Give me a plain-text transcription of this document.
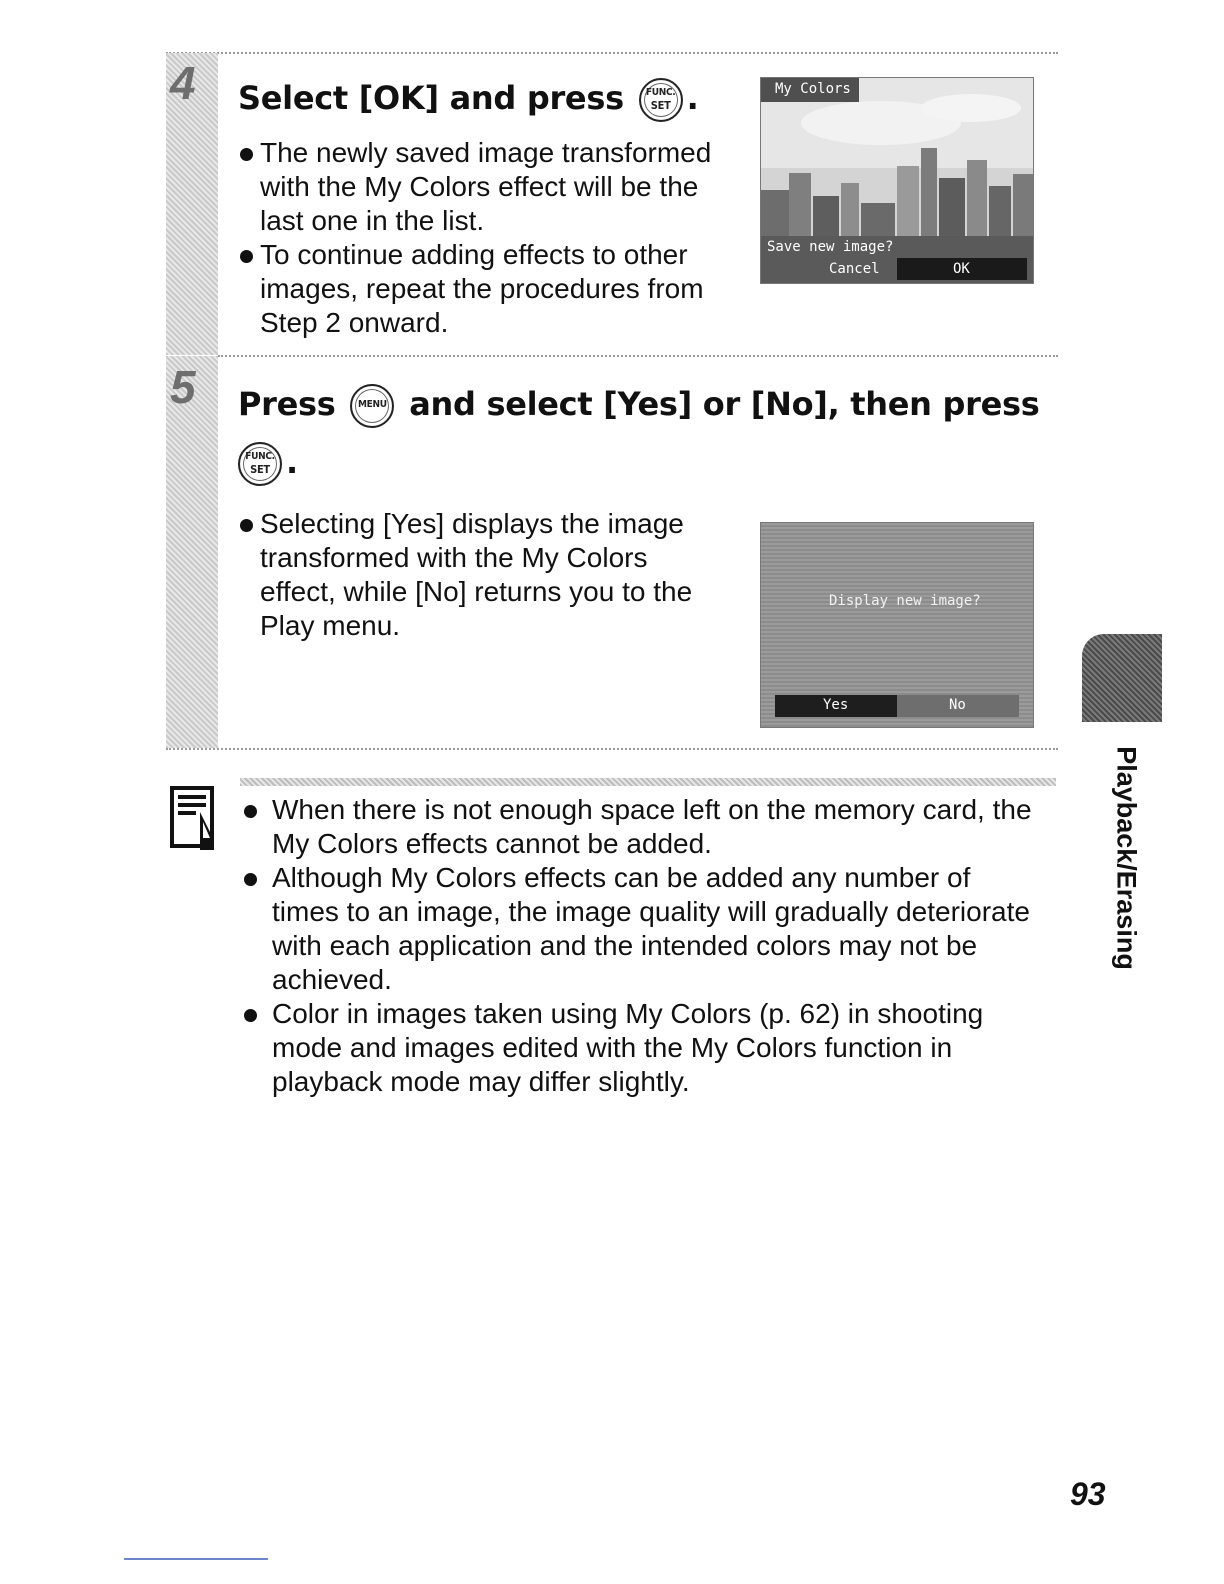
4 Select [OK] and press	FUNC.
SET .
The newly saved image transformed with the My Colors effect will be the last one in the list.
To continue adding effects to other images, repeat the procedures from Step 2 onward.
My Colors
Save new image?
Cancel	OK
5 Press	MENU and select [Yes] or [No], then press
FUNC.
SET .
Selecting [Yes] displays the image transformed with the My Colors effect, while [No] returns you to the Play menu.
Display new image?
Yes	No
When there is not enough space left on the memory card, the My Colors effects cannot be added.
Although My Colors effects can be added any number of times to an image, the image quality will gradually deteriorate with each application and the intended colors may not be achieved.
Color in images taken using My Colors (p. 62) in shooting mode and images edited with the My Colors function in playback mode may differ slightly.
Playback/Erasing
93
